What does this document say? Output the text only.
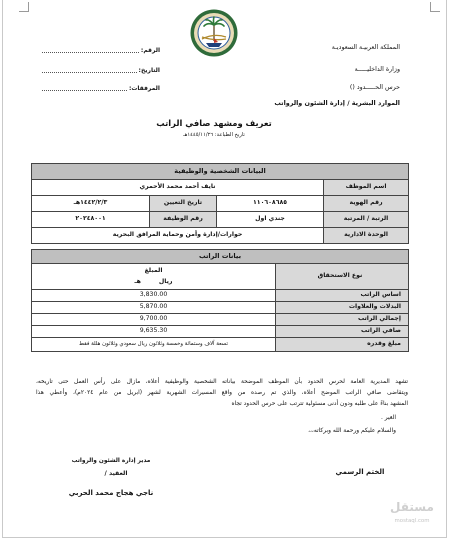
المملكة العربيـة السعوديـة
وزارة الداخليـــــة
حرس الحـــــدود ()
الموارد البشرية / إدارة الشئون والرواتب
الرقم:
التاريخ:
المرفقات:
تعريف ومشهد صافي الراتب
تاريخ الطباعة: ١٤٤٥/١١/٢٦هـ
البيانات الشخصية والوظيفية			
اسم الموظف	نايف أحمد محمد الأحمري		
رقم الهوية	١١٠٦٠٨٦٨٥	تاريخ التعيين	١٤٤٢/٢/٣هـ
الرتبة / المرتبة	جندي اول	رقم الوظيفة	٢٠٢٤٨٠٠١
الوحدة الادارية	حوارات/إدارة وأمن وحماية المرافق البحرية		
بيانات الراتب	
نوع الاستحقاق	المبلغ
ريال
هـ

اساس الراتب	3,830.00
البدلات والعلاوات	5,870.00
إجمالي الراتب	9,700.00
صافي الراتب	9,635.30
مبلغ وقدره	تسعة آلاف وستمائة وخمسة وثلاثون ريال سعودي وثلاثون هللة فقط
تشهد المديرية العامة لحرس الحدود بأن الموظف الموضحة بياناته الشخصية والوظيفية أعلاه، مازال على رأس العمل حتى تاريخه،
ويتقاضى صافي الراتب الموضح أعلاه، والذي تم رصده من واقع المسيرات الشهرية لشهر (ابريل من عام ٢٠٢٤م)، وأعطي هذا
المشهد بناءً على طلبه ودون أدنى مسئولية تترتب على حرس الحدود تجاه
الغير .
والسلام عليكم ورحمة الله وبركاته،،،
مدير إدارة الشئون والرواتب
العقيد /
ناجي هجاج محمد الحربي
الختم الرسمي
مستقل
mostaql.com
